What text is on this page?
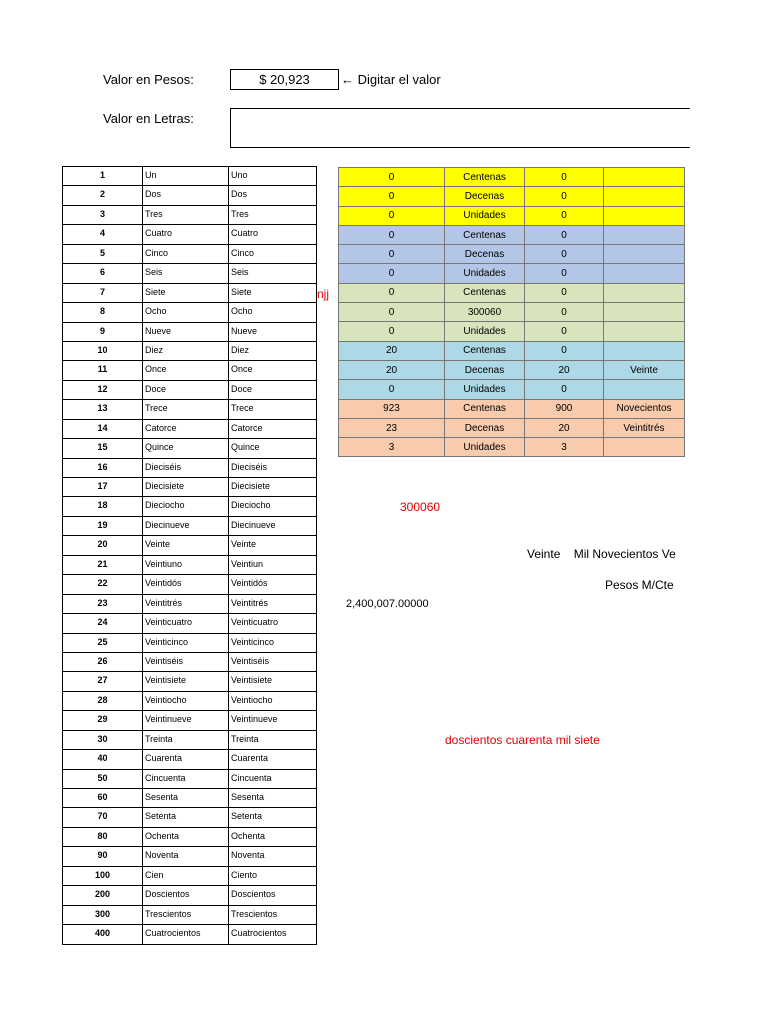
Valor en Pesos:	$ 20,923	← Digitar el valor
Valor en Letras:
1	Un	Uno
2	Dos	Dos
3	Tres	Tres
4	Cuatro	Cuatro
5	Cinco	Cinco
6	Seis	Seis
7	Siete	Siete
8	Ocho	Ocho
9	Nueve	Nueve
10	Diez	Diez
11	Once	Once
12	Doce	Doce
13	Trece	Trece
14	Catorce	Catorce
15	Quince	Quince
16	Dieciséis	Dieciséis
17	Diecisiete	Diecisiete
18	Dieciocho	Dieciocho
19	Diecinueve	Diecinueve
20	Veinte	Veinte
21	Veintiuno	Veintiun
22	Veintidós	Veintidós
23	Veintitrés	Veintitrés
24	Veinticuatro	Veinticuatro
25	Veinticinco	Veinticinco
26	Veintiséis	Veintiséis
27	Veintisiete	Veintisiete
28	Veintiocho	Veintiocho
29	Veintinueve	Veintinueve
30	Treinta	Treinta
40	Cuarenta	Cuarenta
50	Cincuenta	Cincuenta
60	Sesenta	Sesenta
70	Setenta	Setenta
80	Ochenta	Ochenta
90	Noventa	Noventa
100	Cien	Ciento
200	Doscientos	Doscientos
300	Trescientos	Trescientos
400	Cuatrocientos	Cuatrocientos
njj
0	Centenas	0	
0	Decenas	0	
0	Unidades	0	
0	Centenas	0	
0	Decenas	0	
0	Unidades	0	
0	Centenas	0	
0	300060	0	
0	Unidades	0	
20	Centenas	0	
20	Decenas	20	Veinte
0	Unidades	0	
923	Centenas	900	Novecientos
23	Decenas	20	Veintitrés
3	Unidades	3	
300060
Veinte    Mil Novecientos Ve
Pesos M/Cte
2,400,007.00000
doscientos cuarenta mil siete
